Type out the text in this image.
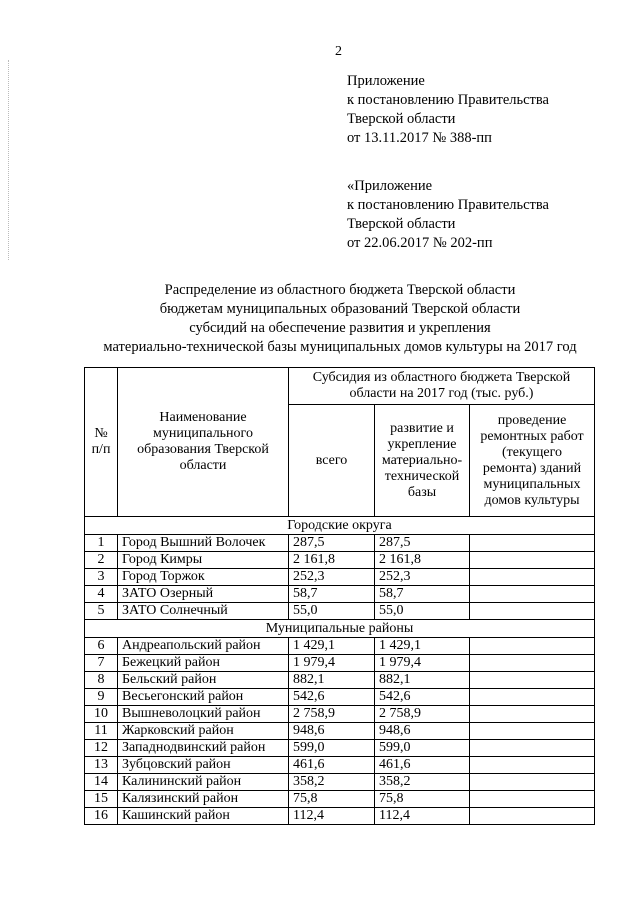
2
Приложение
к постановлению Правительства
Тверской области
от 13.11.2017 № 388-пп
«Приложение
к постановлению Правительства
Тверской области
от 22.06.2017 № 202-пп
Распределение из областного бюджета Тверской области
бюджетам муниципальных образований Тверской области
субсидий на обеспечение развития и укрепления
материально-технической базы муниципальных домов культуры на 2017 год
№ п/п	Наименование муниципального образования Тверской области	Субсидия из областного бюджета Тверской области на 2017 год (тыс. руб.)		
		всего	развитие и укрепление материально-технической базы	проведение ремонтных работ (текущего ремонта) зданий муниципальных домов культуры
Городские округа				
1	Город Вышний Волочек	287,5	287,5	
2	Город Кимры	2 161,8	2 161,8	
3	Город Торжок	252,3	252,3	
4	ЗАТО Озерный	58,7	58,7	
5	ЗАТО Солнечный	55,0	55,0	
Муниципальные районы				
6	Андреапольский район	1 429,1	1 429,1	
7	Бежецкий район	1 979,4	1 979,4	
8	Бельский район	882,1	882,1	
9	Весьегонский район	542,6	542,6	
10	Вышневолоцкий район	2 758,9	2 758,9	
11	Жарковский район	948,6	948,6	
12	Западнодвинский район	599,0	599,0	
13	Зубцовский район	461,6	461,6	
14	Калининский район	358,2	358,2	
15	Калязинский район	75,8	75,8	
16	Кашинский район	112,4	112,4	
